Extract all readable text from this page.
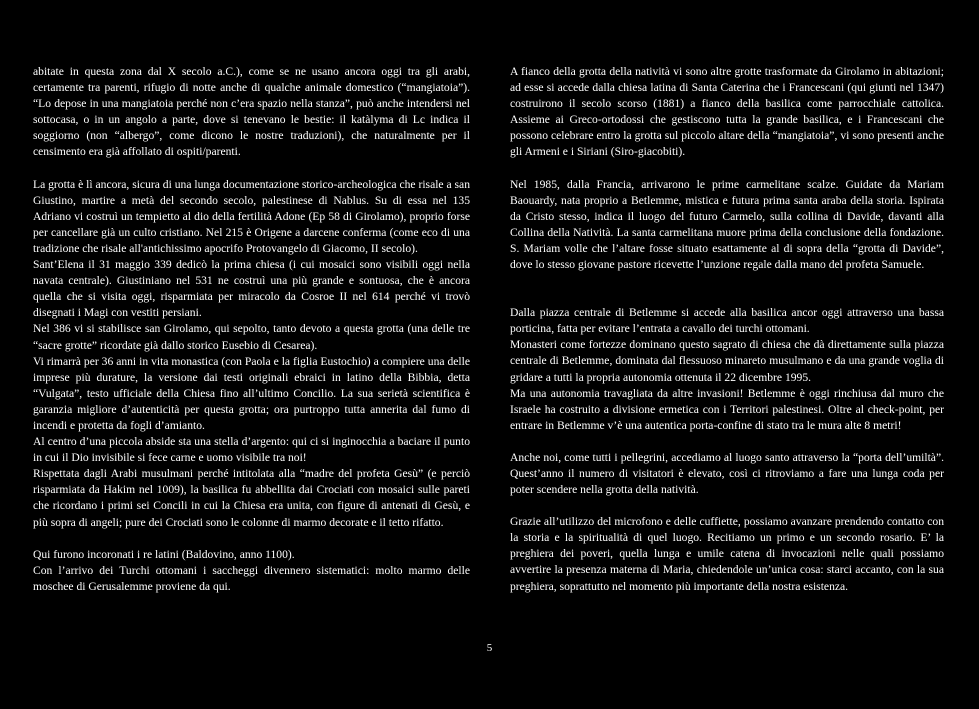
abitate in questa zona dal X secolo a.C.), come se ne usano ancora oggi tra gli arabi, certamente tra parenti, rifugio di notte anche di qualche animale domestico (“mangiatoia”). “Lo depose in una mangiatoia perché non c’era spazio nella stanza”, può anche intendersi nel sottocasa, o in un angolo a parte, dove si tenevano le bestie: il katàlyma di Lc indica il soggiorno (non “albergo”, come dicono le nostre traduzioni), che naturalmente per il censimento era già affollato di ospiti/parenti.

La grotta è lì ancora, sicura di una lunga documentazione storico-archeologica che risale a san Giustino, martire a metà del secondo secolo, palestinese di Nablus. Su di essa nel 135 Adriano vi costruì un tempietto al dio della fertilità Adone (Ep 58 di Girolamo), proprio forse per cancellare già un culto cristiano. Nel 215 è Origene a darcene conferma (come eco di una tradizione che risale all'antichissimo apocrifo Protovangelo di Giacomo, II secolo).

Sant’Elena il 31 maggio 339 dedicò la prima chiesa (i cui mosaici sono visibili oggi nella navata centrale). Giustiniano nel 531 ne costruì una più grande e sontuosa, che è ancora quella che si visita oggi, risparmiata per miracolo da Cosroe II nel 614 perché vi trovò disegnati i Magi con vestiti persiani.

Nel 386 vi si stabilisce san Girolamo, qui sepolto, tanto devoto a questa grotta (una delle tre “sacre grotte” ricordate già dallo storico Eusebio di Cesarea).

Vi rimarrà per 36 anni in vita monastica (con Paola e la figlia Eustochio) a compiere una delle imprese più durature, la versione dai testi originali ebraici in latino della Bibbia, detta “Vulgata”, testo ufficiale della Chiesa fino all’ultimo Concilio. La sua serietà scientifica è garanzia migliore d’autenticità per questa grotta; ora purtroppo tutta annerita dal fumo di incendi e protetta da fogli d’amianto.

Al centro d’una piccola abside sta una stella d’argento: qui ci si inginocchia a baciare il punto in cui il Dio invisibile si fece carne e uomo visibile tra noi!

Rispettata dagli Arabi musulmani perché intitolata alla “madre del profeta Gesù” (e perciò risparmiata da Hakim nel 1009), la basilica fu abbellita dai Crociati con mosaici sulle pareti che ricordano i primi sei Concili in cui la Chiesa era unita, con figure di antenati di Gesù, e più sopra di angeli; pure dei Crociati sono le colonne di marmo decorate e il tetto rifatto.

Qui furono incoronati i re latini (Baldovino, anno 1100).

Con l’arrivo dei Turchi ottomani i saccheggi divennero sistematici: molto marmo delle moschee di Gerusalemme proviene da qui.

A fianco della grotta della natività vi sono altre grotte trasformate da Girolamo in abitazioni; ad esse si accede dalla chiesa latina di Santa Caterina che i Francescani (qui giunti nel 1347) costruirono il secolo scorso (1881) a fianco della basilica come parrocchiale cattolica. Assieme ai Greco-ortodossi che gestiscono tutta la grande basilica, e i Francescani che possono celebrare entro la grotta sul piccolo altare della “mangiatoia”, vi sono presenti anche gli Armeni e i Siriani (Siro-giacobiti).

Nel 1985, dalla Francia, arrivarono le prime carmelitane scalze. Guidate da Mariam Baouardy, nata proprio a Betlemme, mistica e futura prima santa araba della storia. Ispirata da Cristo stesso, indica il luogo del futuro Carmelo, sulla collina di Davide, davanti alla Collina della Natività. La santa carmelitana muore prima della conclusione della fondazione. S. Mariam volle che l’altare fosse situato esattamente al di sopra della “grotta di Davide”, dove lo stesso giovane pastore ricevette l’unzione regale dalla mano del profeta Samuele.

Dalla piazza centrale di Betlemme si accede alla basilica ancor oggi attraverso una bassa porticina, fatta per evitare l’entrata a cavallo dei turchi ottomani.

Monasteri come fortezze dominano questo sagrato di chiesa che dà direttamente sulla piazza centrale di Betlemme, dominata dal flessuoso minareto musulmano e da una grande voglia di gridare a tutti la propria autonomia ottenuta il 22 dicembre 1995.

Ma una autonomia travagliata da altre invasioni! Betlemme è oggi rinchiusa dal muro che Israele ha costruito a divisione ermetica con i Territori palestinesi. Oltre al check-point, per entrare in Betlemme v’è una autentica porta-confine di stato tra le mura alte 8 metri!

Anche noi, come tutti i pellegrini, accediamo al luogo santo attraverso la “porta dell’umiltà”. Quest’anno il numero di visitatori è elevato, così ci ritroviamo a fare una lunga coda per poter scendere nella grotta della natività.

Grazie all’utilizzo del microfono e delle cuffiette, possiamo avanzare prendendo contatto con la storia e la spiritualità di quel luogo. Recitiamo un primo e un secondo rosario. E’ la preghiera dei poveri, quella lunga e umile catena di invocazioni nelle quali possiamo avvertire la presenza materna di Maria, chiedendole un’unica cosa: starci accanto, con la sua preghiera, soprattutto nel momento più importante della nostra esistenza.

5
